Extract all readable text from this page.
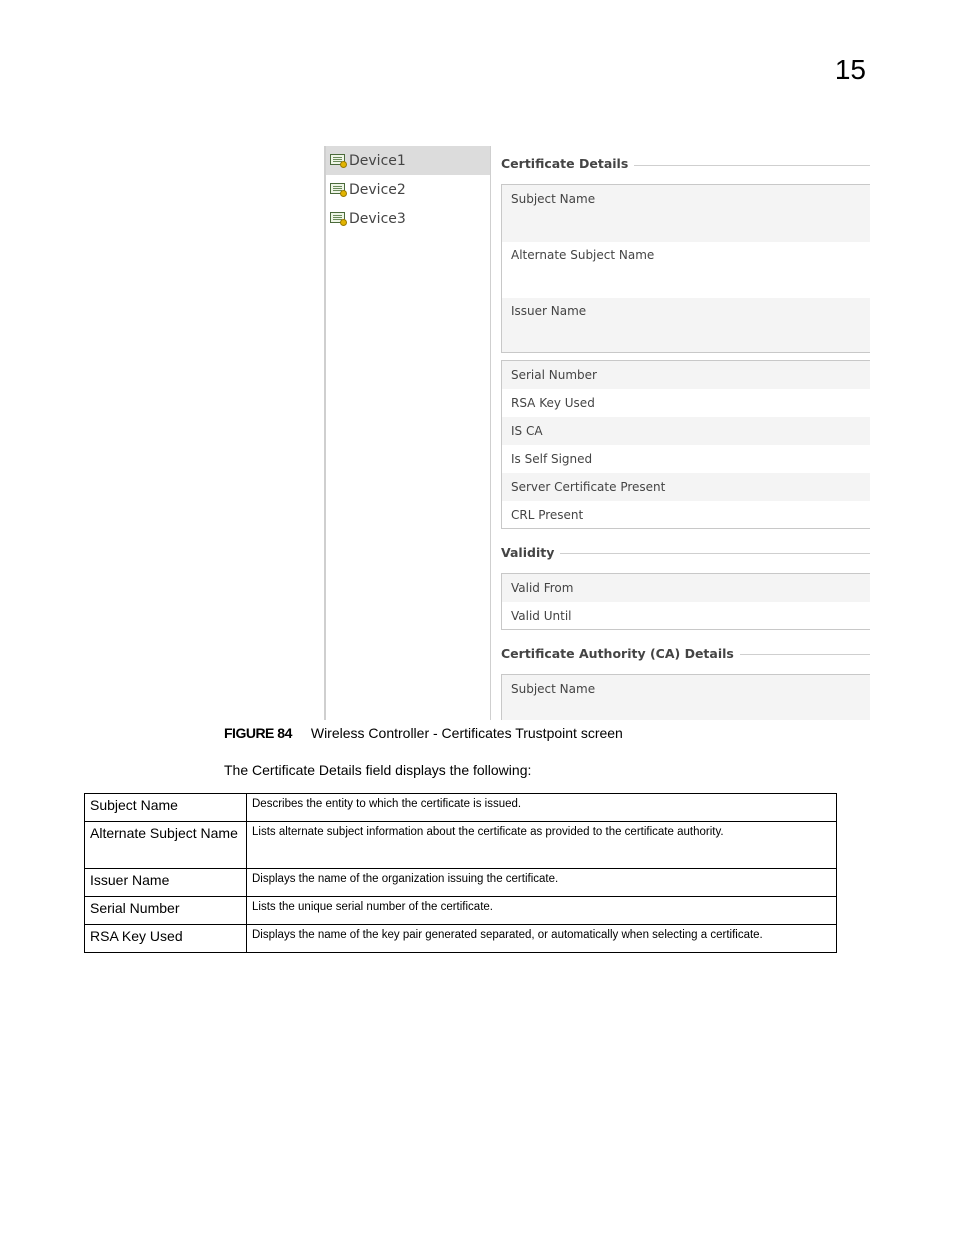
15
Device1
Device2
Device3
Certificate Details
Subject Name
Alternate Subject Name
Issuer Name
Serial Number
RSA Key Used
IS CA
Is Self Signed
Server Certificate Present
CRL Present
Validity
Valid From
Valid Until
Certificate Authority (CA) Details
Subject Name
FIGURE 84 Wireless Controller - Certificates Trustpoint screen
The Certificate Details field displays the following:
Subject Name	Describes the entity to which the certificate is issued.
Alternate Subject Name	Lists alternate subject information about the certificate as provided to the certificate authority.
Issuer Name	Displays the name of the organization issuing the certificate.
Serial Number	Lists the unique serial number of the certificate.
RSA Key Used	Displays the name of the key pair generated separated, or automatically when selecting a certificate.
